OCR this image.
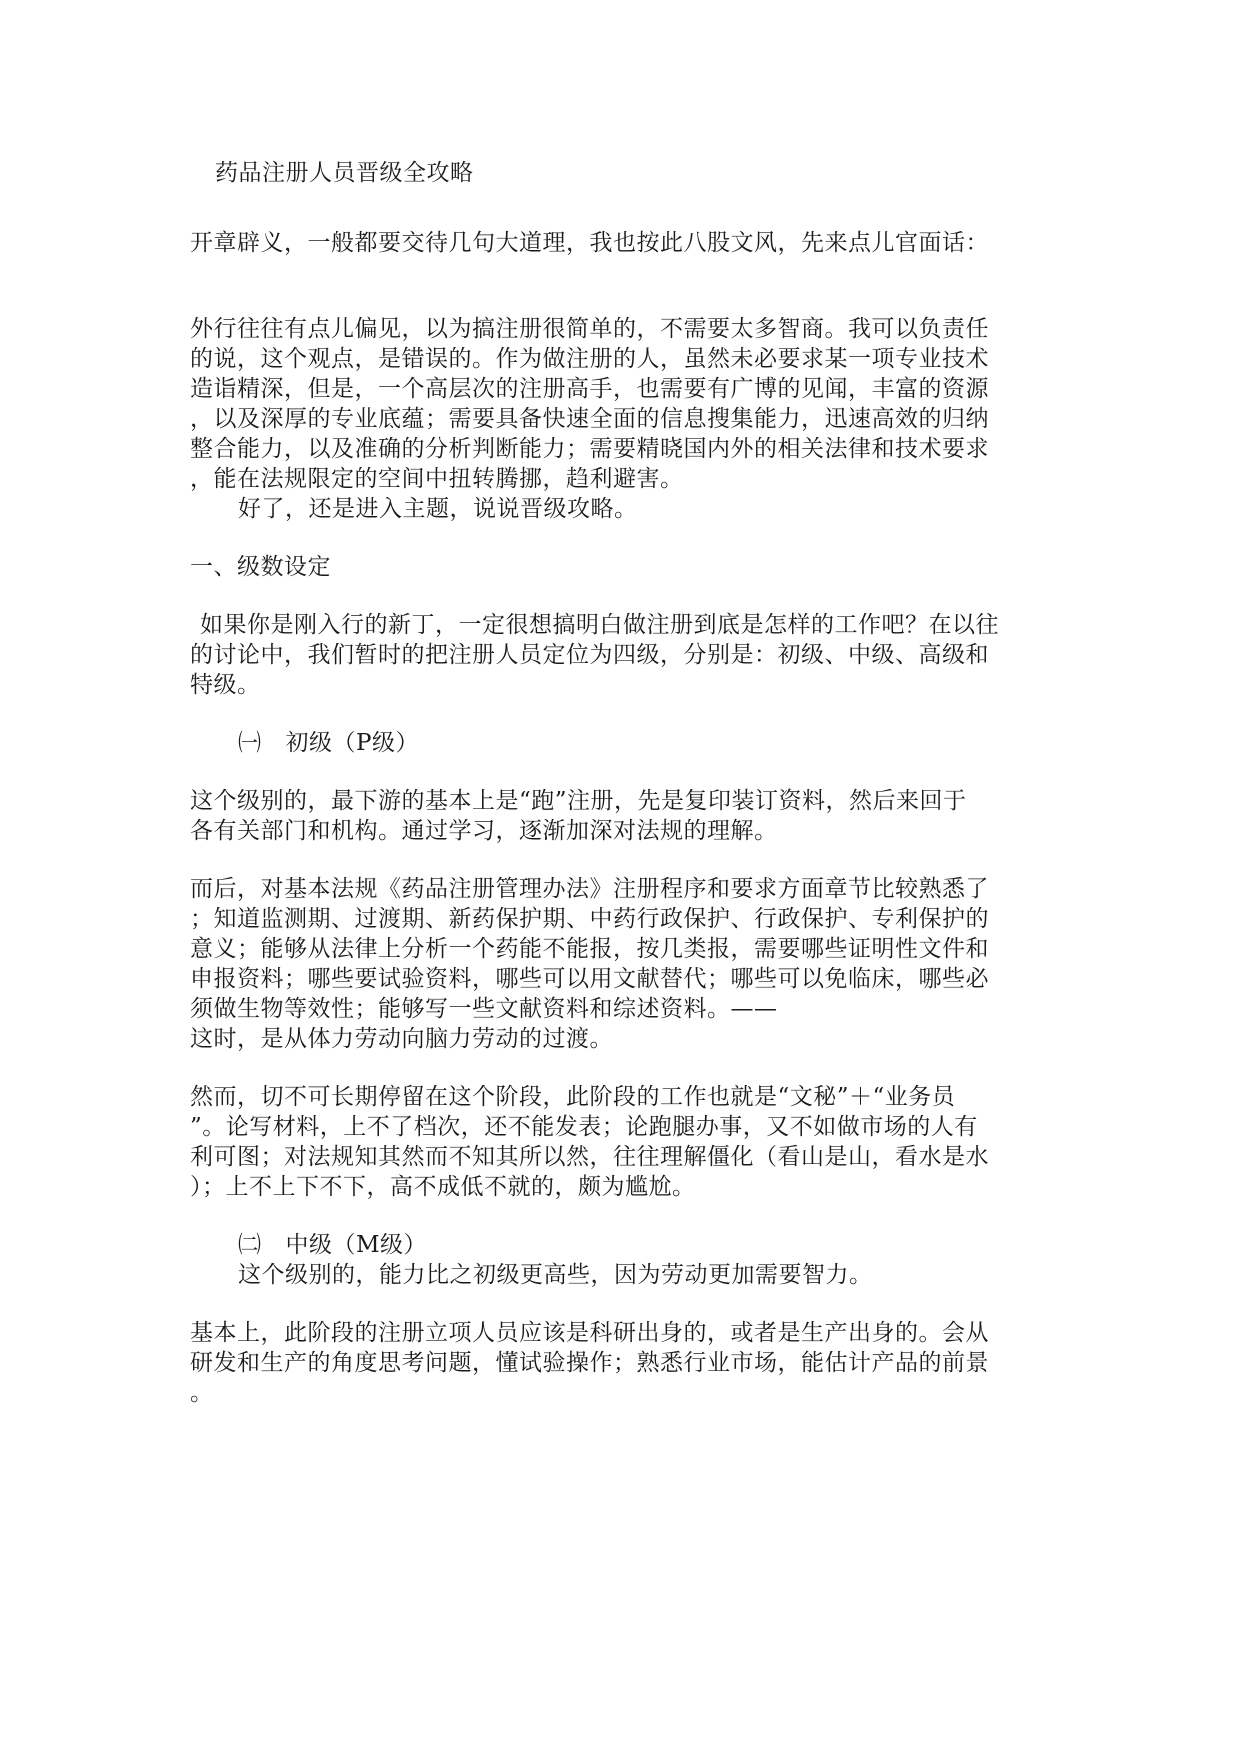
药品注册人员晋级全攻略
开章辟义，一般都要交待几句大道理，我也按此八股文风，先来点儿官面话：
外行往往有点儿偏见，以为搞注册很简单的，不需要太多智商。我可以负责任
的说，这个观点，是错误的。作为做注册的人，虽然未必要求某一项专业技术
造诣精深，但是，一个高层次的注册高手，也需要有广博的见闻，丰富的资源
，以及深厚的专业底蕴；需要具备快速全面的信息搜集能力，迅速高效的归纳
整合能力，以及准确的分析判断能力；需要精晓国内外的相关法律和技术要求
，能在法规限定的空间中扭转腾挪，趋利避害。
好了，还是进入主题，说说晋级攻略。
一、级数设定
如果你是刚入行的新丁，一定很想搞明白做注册到底是怎样的工作吧？在以往
的讨论中，我们暂时的把注册人员定位为四级，分别是：初级、中级、高级和
特级。
㈠ 初级（P级）
这个级别的，最下游的基本上是“跑”注册，先是复印装订资料，然后来回于
各有关部门和机构。通过学习，逐渐加深对法规的理解。
而后，对基本法规《药品注册管理办法》注册程序和要求方面章节比较熟悉了
；知道监测期、过渡期、新药保护期、中药行政保护、行政保护、专利保护的
意义；能够从法律上分析一个药能不能报，按几类报，需要哪些证明性文件和
申报资料；哪些要试验资料，哪些可以用文献替代；哪些可以免临床，哪些必
须做生物等效性；能够写一些文献资料和综述资料。——
这时，是从体力劳动向脑力劳动的过渡。
然而，切不可长期停留在这个阶段，此阶段的工作也就是“文秘”＋“业务员
”。论写材料，上不了档次，还不能发表；论跑腿办事，又不如做市场的人有
利可图；对法规知其然而不知其所以然，往往理解僵化（看山是山，看水是水
）；上不上下不下，高不成低不就的，颇为尴尬。
㈡ 中级（M级）
这个级别的，能力比之初级更高些，因为劳动更加需要智力。
基本上，此阶段的注册立项人员应该是科研出身的，或者是生产出身的。会从
研发和生产的角度思考问题，懂试验操作；熟悉行业市场，能估计产品的前景
。
